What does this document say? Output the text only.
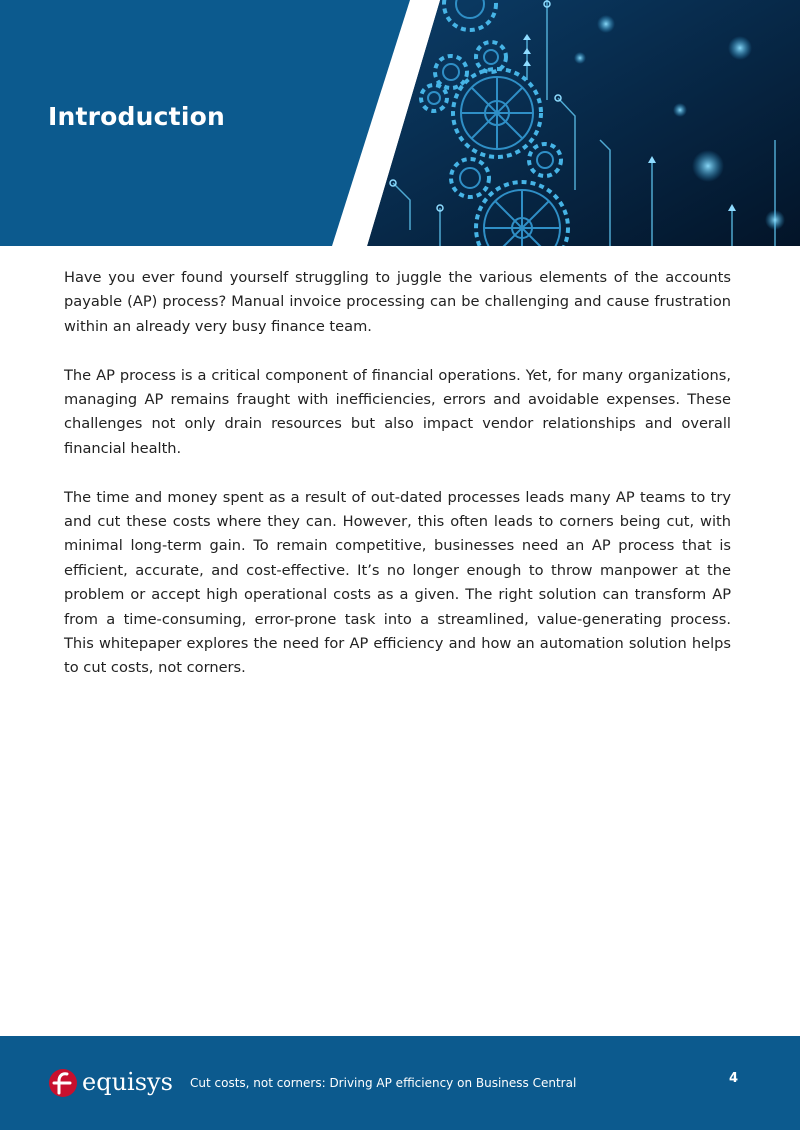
Introduction

Have you ever found yourself struggling to juggle the various elements of the accounts payable (AP) process? Manual invoice processing can be challenging and cause frustration within an already very busy finance team.

The AP process is a critical component of financial operations. Yet, for many organizations, managing AP remains fraught with inefficiencies, errors and avoidable expenses. These challenges not only drain resources but also impact vendor relationships and overall financial health.

The time and money spent as a result of out-dated processes leads many AP teams to try and cut these costs where they can. However, this often leads to corners being cut, with minimal long-term gain. To remain competitive, businesses need an AP process that is efficient, accurate, and cost-effective. It’s no longer enough to throw manpower at the problem or accept high operational costs as a given. The right solution can transform AP from a time-consuming, error-prone task into a streamlined, value-generating process. This whitepaper explores the need for AP efficiency and how an automation solution helps to cut costs, not corners.

equisys Cut costs, not corners: Driving AP efficiency on Business Central	4
